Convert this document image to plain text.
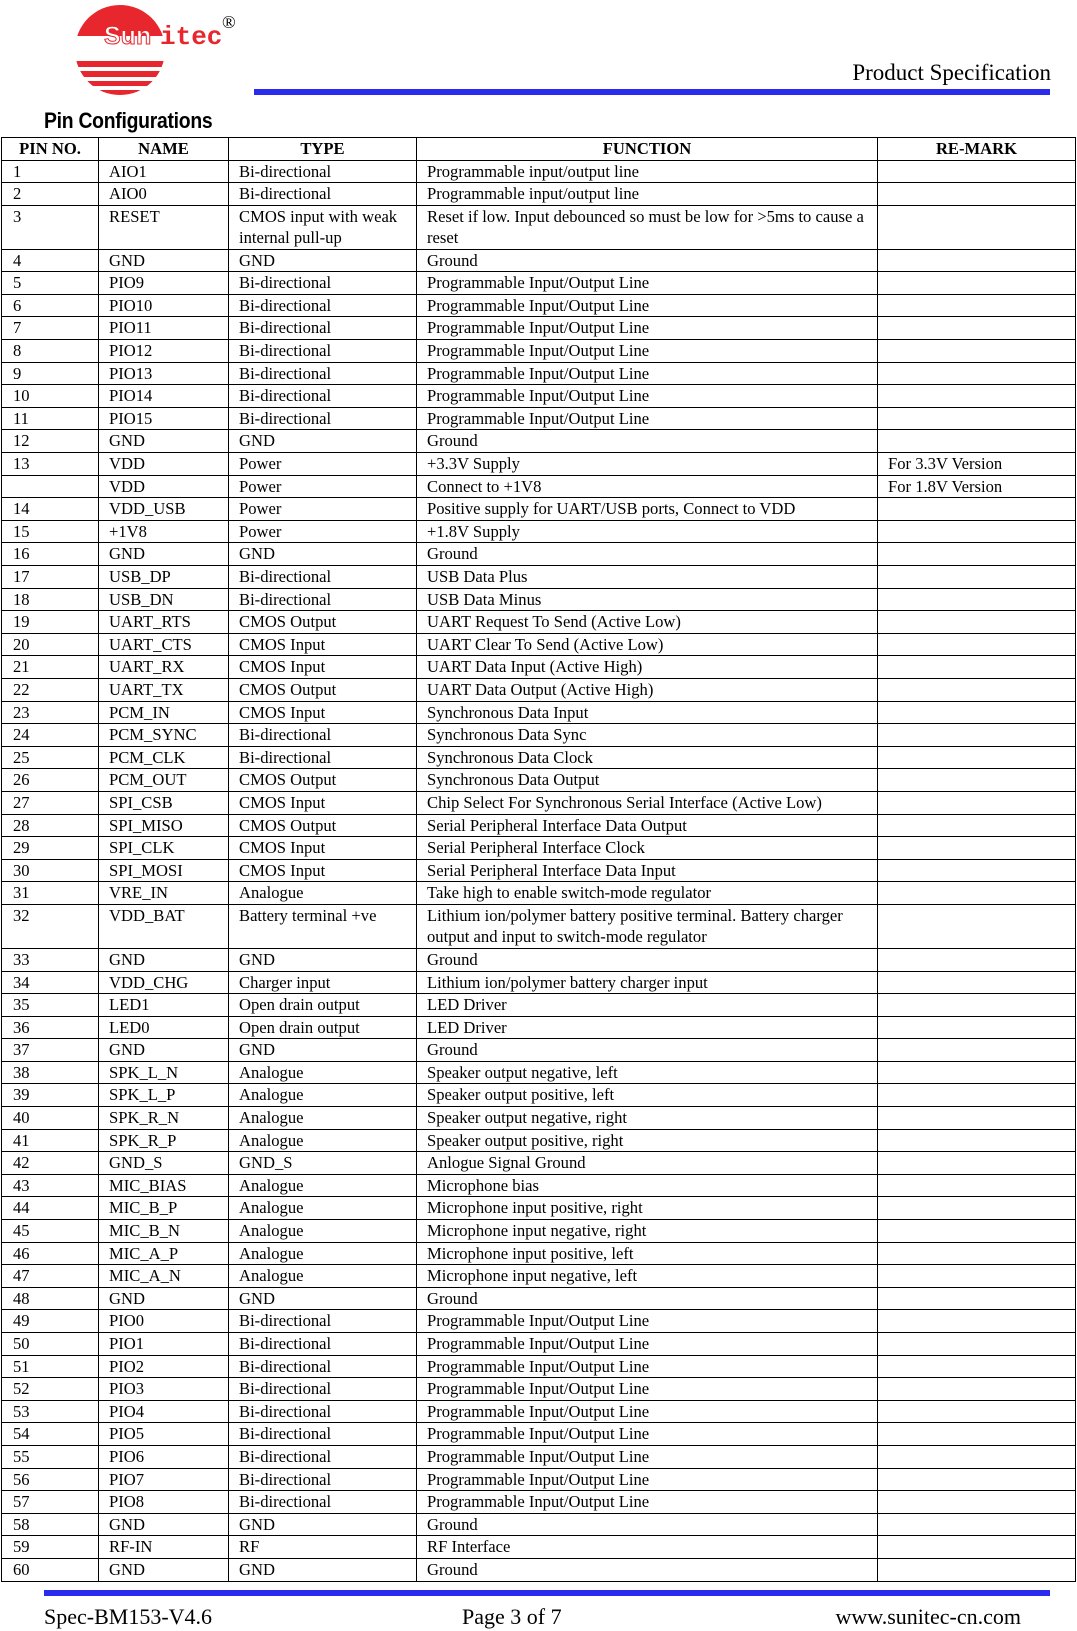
Sun itec ®
Product Specification
Pin Configurations
PIN NO.	NAME	TYPE	FUNCTION	RE-MARK
1	AIO1	Bi-directional	Programmable input/output line	
2	AIO0	Bi-directional	Programmable input/output line	
3	RESET	CMOS input with weak internal pull-up	Reset if low. Input debounced so must be low for >5ms to cause a reset	
4	GND	GND	Ground	
5	PIO9	Bi-directional	Programmable Input/Output Line	
6	PIO10	Bi-directional	Programmable Input/Output Line	
7	PIO11	Bi-directional	Programmable Input/Output Line	
8	PIO12	Bi-directional	Programmable Input/Output Line	
9	PIO13	Bi-directional	Programmable Input/Output Line	
10	PIO14	Bi-directional	Programmable Input/Output Line	
11	PIO15	Bi-directional	Programmable Input/Output Line	
12	GND	GND	Ground	
13	VDD	Power	+3.3V Supply	For 3.3V Version
	VDD	Power	Connect to +1V8	For 1.8V Version
14	VDD_USB	Power	Positive supply for UART/USB ports, Connect to VDD	
15	+1V8	Power	+1.8V Supply	
16	GND	GND	Ground	
17	USB_DP	Bi-directional	USB Data Plus	
18	USB_DN	Bi-directional	USB Data Minus	
19	UART_RTS	CMOS Output	UART Request To Send (Active Low)	
20	UART_CTS	CMOS Input	UART Clear To Send (Active Low)	
21	UART_RX	CMOS Input	UART Data Input (Active High)	
22	UART_TX	CMOS Output	UART Data Output (Active High)	
23	PCM_IN	CMOS Input	Synchronous Data Input	
24	PCM_SYNC	Bi-directional	Synchronous Data Sync	
25	PCM_CLK	Bi-directional	Synchronous Data Clock	
26	PCM_OUT	CMOS Output	Synchronous Data Output	
27	SPI_CSB	CMOS Input	Chip Select For Synchronous Serial Interface (Active Low)	
28	SPI_MISO	CMOS Output	Serial Peripheral Interface Data Output	
29	SPI_CLK	CMOS Input	Serial Peripheral Interface Clock	
30	SPI_MOSI	CMOS Input	Serial Peripheral Interface Data Input	
31	VRE_IN	Analogue	Take high to enable switch-mode regulator	
32	VDD_BAT	Battery terminal +ve	Lithium ion/polymer battery positive terminal. Battery charger output and input to switch-mode regulator	
33	GND	GND	Ground	
34	VDD_CHG	Charger input	Lithium ion/polymer battery charger input	
35	LED1	Open drain output	LED Driver	
36	LED0	Open drain output	LED Driver	
37	GND	GND	Ground	
38	SPK_L_N	Analogue	Speaker output negative, left	
39	SPK_L_P	Analogue	Speaker output positive, left	
40	SPK_R_N	Analogue	Speaker output negative, right	
41	SPK_R_P	Analogue	Speaker output positive, right	
42	GND_S	GND_S	Anlogue Signal Ground	
43	MIC_BIAS	Analogue	Microphone bias	
44	MIC_B_P	Analogue	Microphone input positive, right	
45	MIC_B_N	Analogue	Microphone input negative, right	
46	MIC_A_P	Analogue	Microphone input positive, left	
47	MIC_A_N	Analogue	Microphone input negative, left	
48	GND	GND	Ground	
49	PIO0	Bi-directional	Programmable Input/Output Line	
50	PIO1	Bi-directional	Programmable Input/Output Line	
51	PIO2	Bi-directional	Programmable Input/Output Line	
52	PIO3	Bi-directional	Programmable Input/Output Line	
53	PIO4	Bi-directional	Programmable Input/Output Line	
54	PIO5	Bi-directional	Programmable Input/Output Line	
55	PIO6	Bi-directional	Programmable Input/Output Line	
56	PIO7	Bi-directional	Programmable Input/Output Line	
57	PIO8	Bi-directional	Programmable Input/Output Line	
58	GND	GND	Ground	
59	RF-IN	RF	RF Interface	
60	GND	GND	Ground	
Spec-BM153-V4.6	Page 3 of 7	www.sunitec-cn.com
